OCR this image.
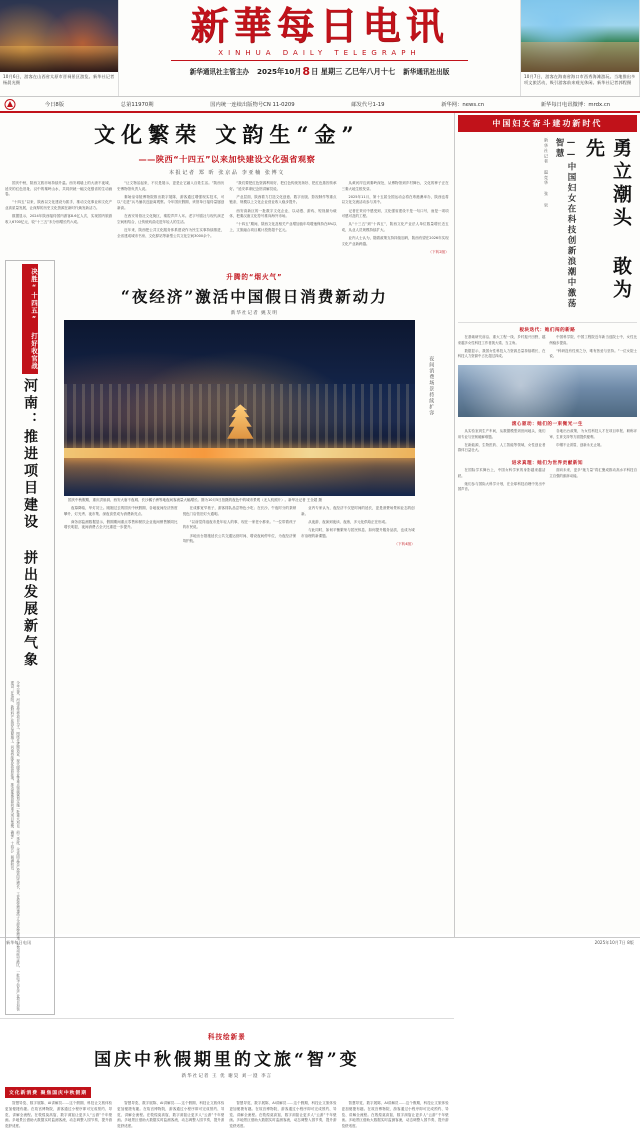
10月6日，游客在山西省太原市晋祠景区游览。新华社记者杨晨光摄
新華每日电讯
XINHUA DAILY TELEGRAPH
新华通讯社主管主办 2025年10月8日 星期三 乙巳年八月十七 新华通讯社出版
10月7日，游客在海南省海口市西秀海滩游玩。当地推出多项文旅活动，吸引游客前来观光休闲。新华社记者郭程摄
今日8版	总第11970期	国内统一连续出版物号CN 11-0209	邮发代号1-19	新华网：news.cn	新华每日电讯微博：mrdx.cn
文化繁荣 文韵生“金”
——陕西“十四五”以来加快建设文化强省观察
本报记者 郑 昕 张京品 李亚楠 张博文

国庆中秋，陕西文旅市场持续升温。西安城墙上的大唐不夜城、延安的红色旧址、汉中的秦岭山水，共同织就一幅文化强省的生动画卷。

“十四五”以来，陕西以文化建设为抓手，推动文化事业和文化产业高质量发展，让深厚的历史文化资源在新时代焕发新活力。

数据显示，2024年陕西接待国内游客8.6亿人次，实现国内旅游收入6700亿元，较“十三五”末分别增长约六成。

“让文物活起来，不仅是展示，更是让它融入百姓生活。”陕西历史博物馆负责人说。

秦始皇帝陵博物院推出数字展陈，游客通过增强现实技术，可以“走进”兵马俑坑近距离观察。今年国庆假期，该馆单日接待量屡创新高。

在西安易俗社文化街区，秦腔声声入耳。老字号剧社与现代演艺空间相结合，让传统戏曲走进年轻人的生活。

近年来，陕西把公共文化服务体系建设作为民生实事持续推进，全省建成城市书房、文化驿站等新型公共文化空间3000余个。

“我们要把红色资源利用好、把红色传统发扬好、把红色基因传承好。”延安革命纪念馆讲解员说。

产业层面，陕西着力打造文化创意、数字出版、影视制作等重点链条，规模以上文化企业营业收入稳步提升。

西安高新区的一批数字文化企业，以动漫、游戏、短视频为载体，把秦汉唐文化符号推向海外市场。

“十四五”期间，陕西文化及相关产业增加值年均增速保持在8%以上，文旅融合项目累计投资超千亿元。

从黄河岸边到秦岭深处，从博物馆到乡村舞台，文化的种子正在三秦大地生根发芽。

2025年11月，第十五届全国运动会将在粤港澳举办，陕西也将以文化交流活动参与其中。

记者在采访中感受到，文化强省建设不是一句口号，而是一项项可感可及的工程。

从“十三五”到“十四五”，陕西文化产业法人单位数量增长近五成，从业人员规模持续扩大。

业内人士认为，随着政策支持持续加码，陕西有望在2026年实现文化产业新跨越。

（下转2版）

决胜“十四五” 打好收官战
河南：推进项目建设 拼出发展新气象
今年以来，河南省坚持项目为王，围绕先进制造业、现代服务业等重点领域谋划实施一批重大项目。前三季度，全省固定资产投资同比增长，工业投资增速高于全部投资增速。在郑州航空港区，一批电子信息产业项目加快建设；在洛阳，新材料产业园区加紧施工。河南持续优化营商环境，推动要素资源向重大项目集聚，确保“十四五”圆满收官。
升腾的“烟火气”
“夜经济”激活中国假日消费新动力
新华社记者 姚友明
国庆中秋假期，重庆洪崖洞、西安大唐不夜城、长沙橘子洲等地夜间客流量大幅增长。图为10月5日拍摄的夜色中的城市景观（无人机照片）。新华社记者 王全超 摄

夜幕降临，华灯初上。刚刚过去的国庆中秋假期，各地夜间经济热度攀升，灯光秀、夜市集、深夜食堂成为消费新亮点。

商务部监测数据显示，假期期间重点零售和餐饮企业夜间销售额同比增长明显，夜间消费占全天比重进一步提升。

在成都宽窄巷子，游客排队品尝特色小吃；在长沙，午夜时分的茶颜悦色门店依旧灯火通明。

“以前觉得逛夜市是年轻人的事，现在一家老小都来。”一位带着孩子的市民说。

多地出台措施延长公共交通运营时间、增设夜间停车位，为夜经济保驾护航。

业内专家认为，夜经济不仅是时间的延长，更是消费场景和业态的创新。

从夜游、夜演到夜读、夜练，多元化供给正在形成。

与此同时，如何平衡繁荣与居民休息、如何提升服务品质，也成为城市治理的新课题。

（下转4版）

夜间消费场景持续扩容
科技绘新景
国庆中秋假期里的文旅“智”变
新华社记者 王 优 谢昊 刘一澄 李言
文化新消费 聚焦国庆中秋假期

智慧导览、数字展陈、AI讲解员……这个假期，科技让文旅体验更加便捷有趣。在故宫博物院，游客通过小程序即可完成预约、导览、讲解全流程。在敦煌莫高窟，数字洞窟让更多人“云游”千年壁画。多地景区借助大数据实时监测客流，动态调整入园节奏，提升游览舒适度。

智慧导览、数字展陈、AI讲解员……这个假期，科技让文旅体验更加便捷有趣。在故宫博物院，游客通过小程序即可完成预约、导览、讲解全流程。在敦煌莫高窟，数字洞窟让更多人“云游”千年壁画。多地景区借助大数据实时监测客流，动态调整入园节奏，提升游览舒适度。

智慧导览、数字展陈、AI讲解员……这个假期，科技让文旅体验更加便捷有趣。在故宫博物院，游客通过小程序即可完成预约、导览、讲解全流程。在敦煌莫高窟，数字洞窟让更多人“云游”千年壁画。多地景区借助大数据实时监测客流，动态调整入园节奏，提升游览舒适度。

智慧导览、数字展陈、AI讲解员……这个假期，科技让文旅体验更加便捷有趣。在故宫博物院，游客通过小程序即可完成预约、导览、讲解全流程。在敦煌莫高窟，数字洞窟让更多人“云游”千年壁画。多地景区借助大数据实时监测客流，动态调整入园节奏，提升游览舒适度。

中国妇女奋斗建功新时代
新华社记者 温竞华 张 泉	——中国妇女在科技创新浪潮中激荡智慧	勇立潮头 敢为先
板块迭代：她们闯的新路

在基础研究前沿、重大工程一线、乡村振兴田野，越来越多女性科技工作者挑大梁、当主角。

数据显示，我国女性科技人力资源总量持续增长，在科技人力资源中占比超过四成。

中国科学院、中国工程院近年新当选院士中，女性比例稳步提高。

“科研没有性别之分，唯有热爱与坚持。”一位女院士说。

滚心驱动：她们的一束微光一生

从实验室到生产车间，从数据模型到田间地头，她们用专业与坚韧破解难题。

在新能源、生物医药、人工智能等领域，女性创业者群体日益壮大。

各地出台政策，为女性科技人才在项目申报、职称评审、生育支持等方面提供便利。

巾帼不让须眉，创新永无止境。

进求真理：她们为世界贡献新知

在国际学术舞台上，中国女科学家的身影越来越活跃。

她们参与国际大科学计划，在全球科技治理中发出中国声音。

面向未来，更多“她力量”将汇聚成推动高水平科技自立自强的澎湃动能。

新华每日电讯	2025年10月7日 8版
